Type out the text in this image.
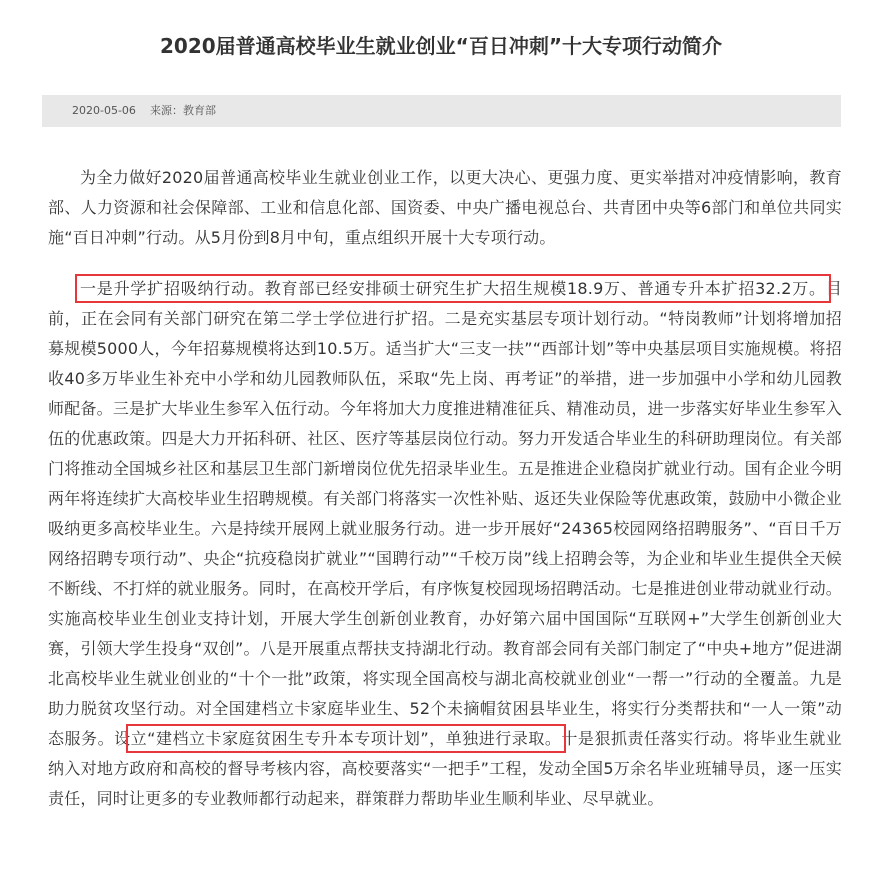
2020届普通高校毕业生就业创业“百日冲刺”十大专项行动简介
2020-05-06 来源：教育部

为全力做好2020届普通高校毕业生就业创业工作，以更大决心、更强力度、更实举措对冲疫情影响，教育部、人力资源和社会保障部、工业和信息化部、国资委、中央广播电视总台、共青团中央等6部门和单位共同实施“百日冲刺”行动。从5月份到8月中旬，重点组织开展十大专项行动。

一是升学扩招吸纳行动。教育部已经安排硕士研究生扩大招生规模18.9万、普通专升本扩招32.2万。目前，正在会同有关部门研究在第二学士学位进行扩招。二是充实基层专项计划行动。“特岗教师”计划将增加招募规模5000人，今年招募规模将达到10.5万。适当扩大“三支一扶”“西部计划”等中央基层项目实施规模。将招收40多万毕业生补充中小学和幼儿园教师队伍，采取“先上岗、再考证”的举措，进一步加强中小学和幼儿园教师配备。三是扩大毕业生参军入伍行动。今年将加大力度推进精准征兵、精准动员，进一步落实好毕业生参军入伍的优惠政策。四是大力开拓科研、社区、医疗等基层岗位行动。努力开发适合毕业生的科研助理岗位。有关部门将推动全国城乡社区和基层卫生部门新增岗位优先招录毕业生。五是推进企业稳岗扩就业行动。国有企业今明两年将连续扩大高校毕业生招聘规模。有关部门将落实一次性补贴、返还失业保险等优惠政策，鼓励中小微企业吸纳更多高校毕业生。六是持续开展网上就业服务行动。进一步开展好“24365校园网络招聘服务”、“百日千万网络招聘专项行动”、央企“抗疫稳岗扩就业”“国聘行动”“千校万岗”线上招聘会等，为企业和毕业生提供全天候不断线、不打烊的就业服务。同时，在高校开学后，有序恢复校园现场招聘活动。七是推进创业带动就业行动。实施高校毕业生创业支持计划，开展大学生创新创业教育，办好第六届中国国际“互联网+”大学生创新创业大赛，引领大学生投身“双创”。八是开展重点帮扶支持湖北行动。教育部会同有关部门制定了“中央+地方”促进湖北高校毕业生就业创业的“十个一批”政策，将实现全国高校与湖北高校就业创业“一帮一”行动的全覆盖。九是助力脱贫攻坚行动。对全国建档立卡家庭毕业生、52个未摘帽贫困县毕业生，将实行分类帮扶和“一人一策”动态服务。设立“建档立卡家庭贫困生专升本专项计划”，单独进行录取。十是狠抓责任落实行动。将毕业生就业纳入对地方政府和高校的督导考核内容，高校要落实“一把手”工程，发动全国5万余名毕业班辅导员，逐一压实责任，同时让更多的专业教师都行动起来，群策群力帮助毕业生顺利毕业、尽早就业。
